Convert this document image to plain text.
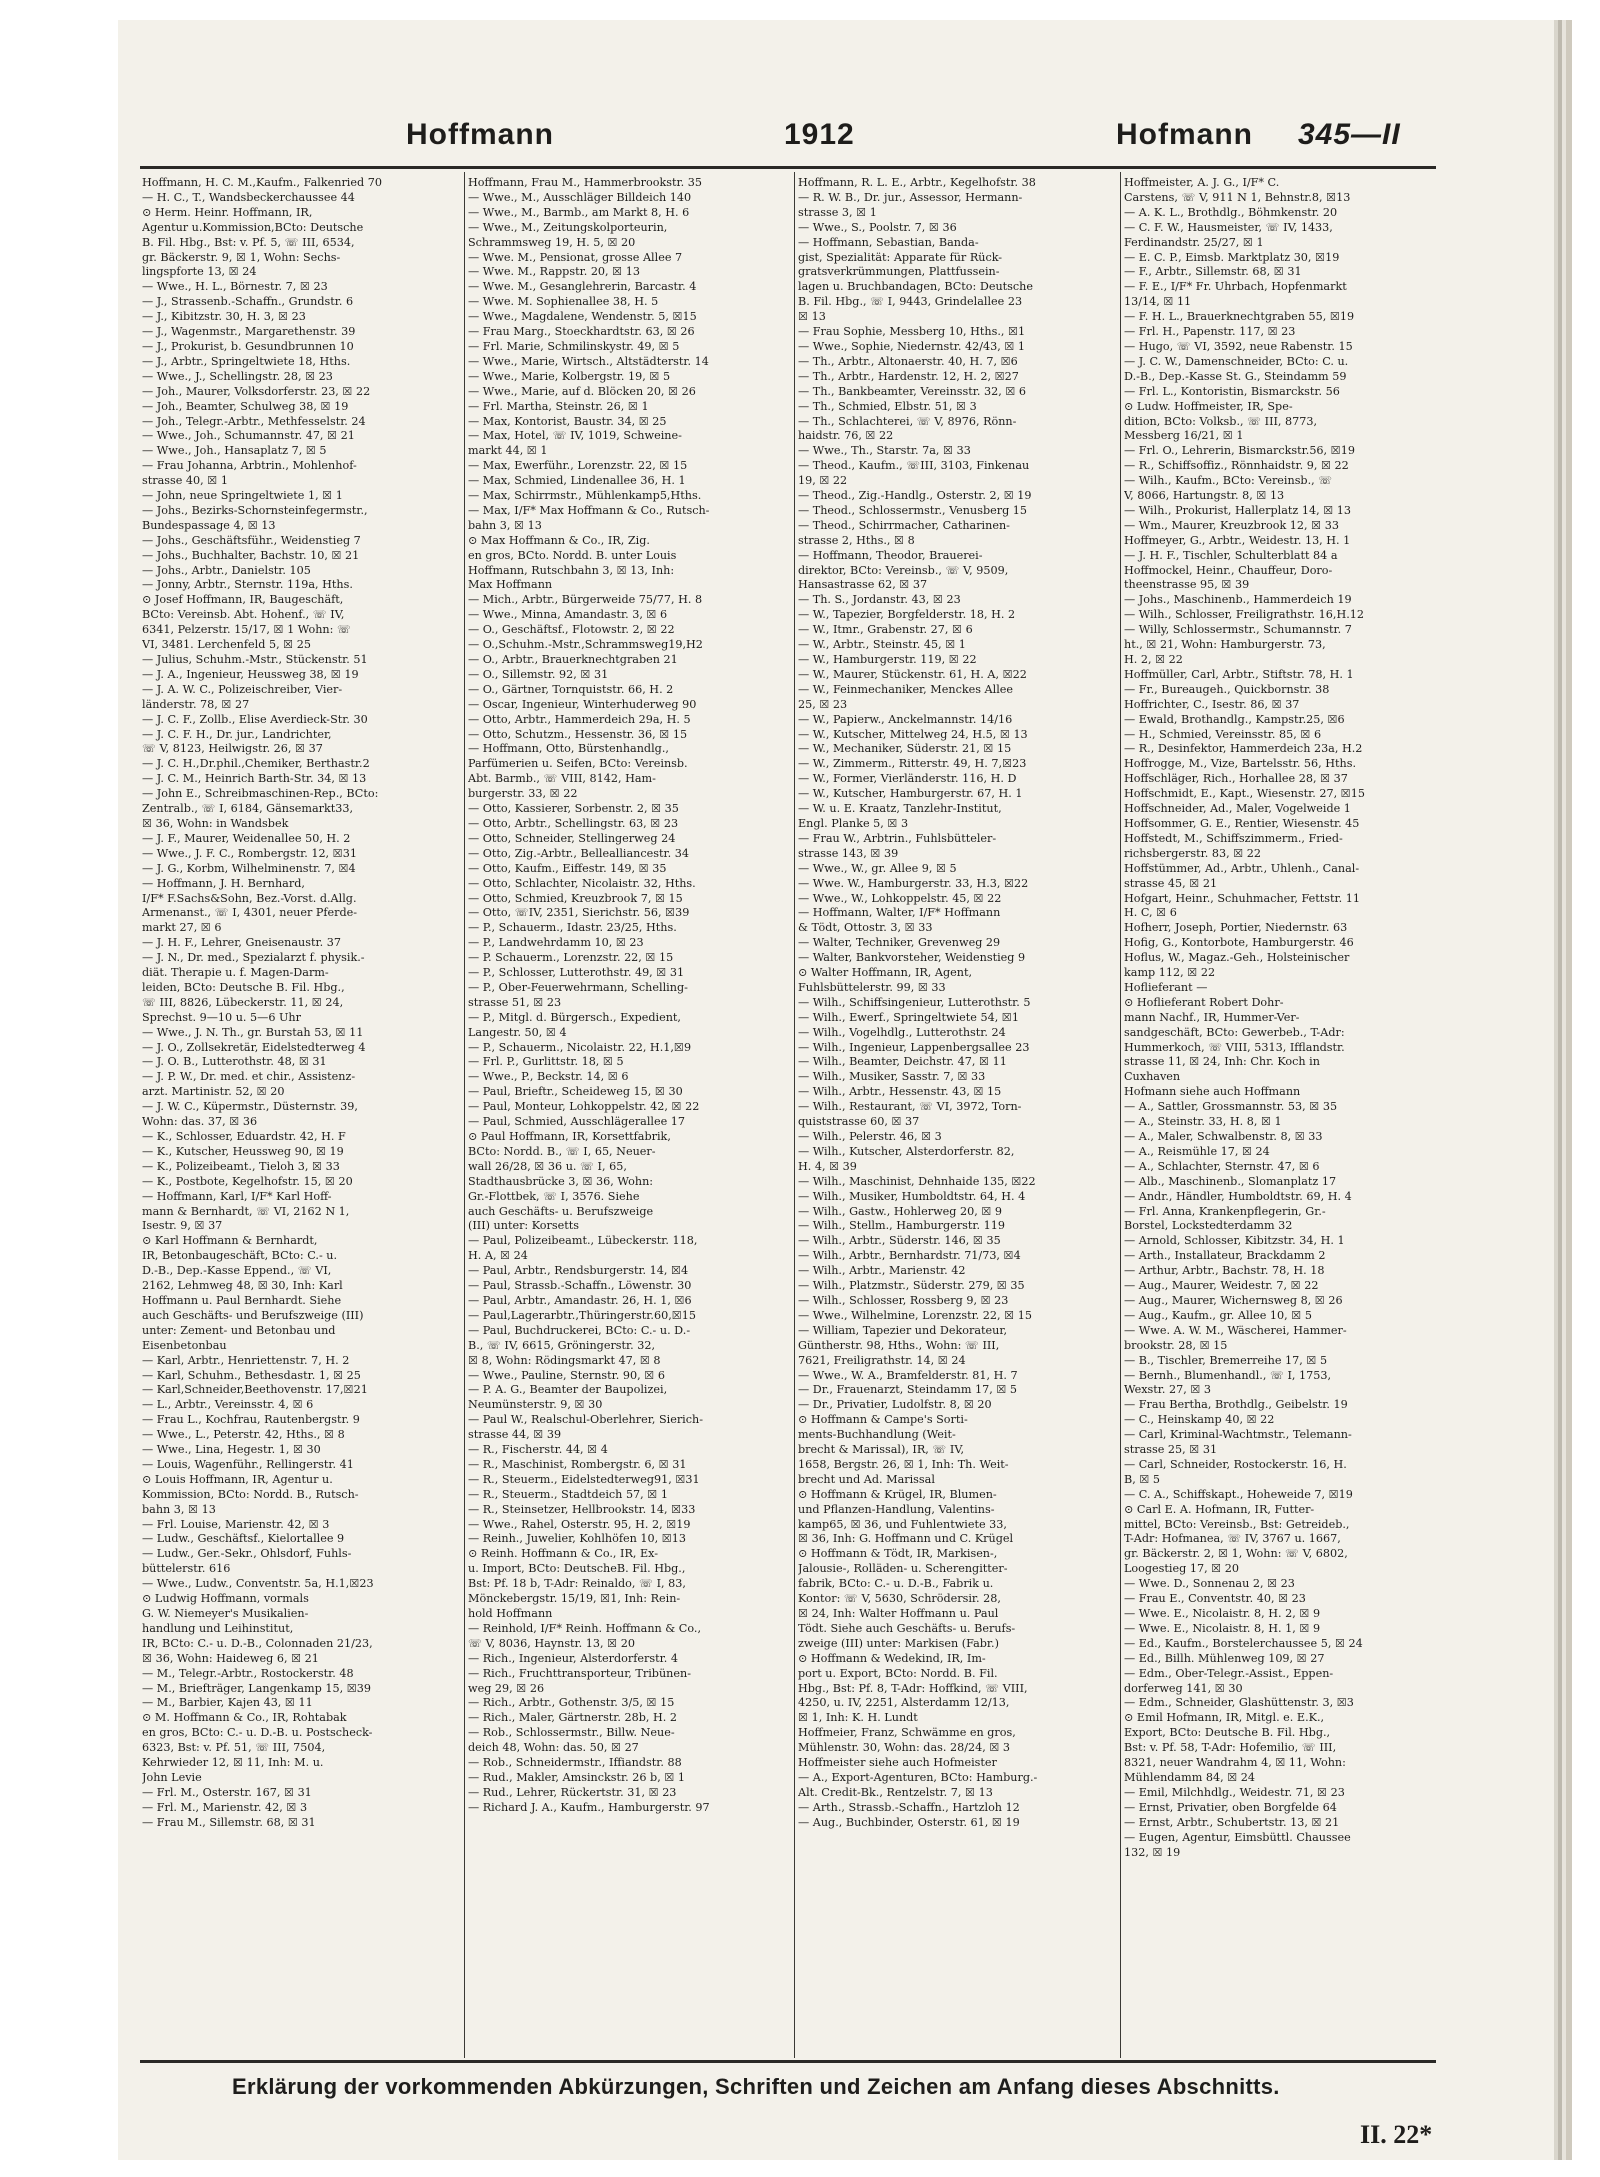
Hoffmann	1912	Hofmann 345—II

Hoffmann, H. C. M.,Kaufm., Falkenried 70

— H. C., T., Wandsbeckerchaussee 44

⊙ Herm. Heinr. Hoffmann, IR,

Agentur u.Kommission,BCto: Deutsche

B. Fil. Hbg., Bst: v. Pf. 5, ☏ III, 6534,

gr. Bäckerstr. 9, ☒ 1, Wohn: Sechs-

lingspforte 13, ☒ 24

— Wwe., H. L., Börnestr. 7, ☒ 23

— J., Strassenb.-Schaffn., Grundstr. 6

— J., Kibitzstr. 30, H. 3, ☒ 23

— J., Wagenmstr., Margarethenstr. 39

— J., Prokurist, b. Gesundbrunnen 10

— J., Arbtr., Springeltwiete 18, Hths.

— Wwe., J., Schellingstr. 28, ☒ 23

— Joh., Maurer, Volksdorferstr. 23, ☒ 22

— Joh., Beamter, Schulweg 38, ☒ 19

— Joh., Telegr.-Arbtr., Methfesselstr. 24

— Wwe., Joh., Schumannstr. 47, ☒ 21

— Wwe., Joh., Hansaplatz 7, ☒ 5

— Frau Johanna, Arbtrin., Mohlenhof-

strasse 40, ☒ 1

— John, neue Springeltwiete 1, ☒ 1

— Johs., Bezirks-Schornsteinfegermstr.,

Bundespassage 4, ☒ 13

— Johs., Geschäftsführ., Weidenstieg 7

— Johs., Buchhalter, Bachstr. 10, ☒ 21

— Johs., Arbtr., Danielstr. 105

— Jonny, Arbtr., Sternstr. 119a, Hths.

⊙ Josef Hoffmann, IR, Baugeschäft,

BCto: Vereinsb. Abt. Hohenf., ☏ IV,

6341, Pelzerstr. 15/17, ☒ 1 Wohn: ☏

VI, 3481. Lerchenfeld 5, ☒ 25

— Julius, Schuhm.-Mstr., Stückenstr. 51

— J. A., Ingenieur, Heussweg 38, ☒ 19

— J. A. W. C., Polizeischreiber, Vier-

länderstr. 78, ☒ 27

— J. C. F., Zollb., Elise Averdieck-Str. 30

— J. C. F. H., Dr. jur., Landrichter,

☏ V, 8123, Heilwigstr. 26, ☒ 37

— J. C. H.,Dr.phil.,Chemiker, Berthastr.2

— J. C. M., Heinrich Barth-Str. 34, ☒ 13

— John E., Schreibmaschinen-Rep., BCto:

Zentralb., ☏ I, 6184, Gänsemarkt33,

☒ 36, Wohn: in Wandsbek

— J. F., Maurer, Weidenallee 50, H. 2

— Wwe., J. F. C., Rombergstr. 12, ☒31

— J. G., Korbm, Wilhelminenstr. 7, ☒4

— Hoffmann, J. H. Bernhard,

I/F* F.Sachs&Sohn, Bez.-Vorst. d.Allg.

Armenanst., ☏ I, 4301, neuer Pferde-

markt 27, ☒ 6

— J. H. F., Lehrer, Gneisenaustr. 37

— J. N., Dr. med., Spezialarzt f. physik.-

diät. Therapie u. f. Magen-Darm-

leiden, BCto: Deutsche B. Fil. Hbg.,

☏ III, 8826, Lübeckerstr. 11, ☒ 24,

Sprechst. 9—10 u. 5—6 Uhr

— Wwe., J. N. Th., gr. Burstah 53, ☒ 11

— J. O., Zollsekretär, Eidelstedterweg 4

— J. O. B., Lutterothstr. 48, ☒ 31

— J. P. W., Dr. med. et chir., Assistenz-

arzt. Martinistr. 52, ☒ 20

— J. W. C., Küpermstr., Düsternstr. 39,

Wohn: das. 37, ☒ 36

— K., Schlosser, Eduardstr. 42, H. F

— K., Kutscher, Heussweg 90, ☒ 19

— K., Polizeibeamt., Tieloh 3, ☒ 33

— K., Postbote, Kegelhofstr. 15, ☒ 20

— Hoffmann, Karl, I/F* Karl Hoff-

mann & Bernhardt, ☏ VI, 2162 N 1,

Isestr. 9, ☒ 37

⊙ Karl Hoffmann & Bernhardt,

IR, Betonbaugeschäft, BCto: C.- u.

D.-B., Dep.-Kasse Eppend., ☏ VI,

2162, Lehmweg 48, ☒ 30, Inh: Karl

Hoffmann u. Paul Bernhardt. Siehe

auch Geschäfts- und Berufszweige (III)

unter: Zement- und Betonbau und

Eisenbetonbau

— Karl, Arbtr., Henriettenstr. 7, H. 2

— Karl, Schuhm., Bethesdastr. 1, ☒ 25

— Karl,Schneider,Beethovenstr. 17,☒21

— L., Arbtr., Vereinsstr. 4, ☒ 6

— Frau L., Kochfrau, Rautenbergstr. 9

— Wwe., L., Peterstr. 42, Hths., ☒ 8

— Wwe., Lina, Hegestr. 1, ☒ 30

— Louis, Wagenführ., Rellingerstr. 41

⊙ Louis Hoffmann, IR, Agentur u.

Kommission, BCto: Nordd. B., Rutsch-

bahn 3, ☒ 13

— Frl. Louise, Marienstr. 42, ☒ 3

— Ludw., Geschäftsf., Kielortallee 9

— Ludw., Ger.-Sekr., Ohlsdorf, Fuhls-

büttelerstr. 616

— Wwe., Ludw., Conventstr. 5a, H.1,☒23

⊙ Ludwig Hoffmann, vormals

G. W. Niemeyer's Musikalien-

handlung und Leihinstitut,

IR, BCto: C.- u. D.-B., Colonnaden 21/23,

☒ 36, Wohn: Haideweg 6, ☒ 21

— M., Telegr.-Arbtr., Rostockerstr. 48

— M., Briefträger, Langenkamp 15, ☒39

— M., Barbier, Kajen 43, ☒ 11

⊙ M. Hoffmann & Co., IR, Rohtabak

en gros, BCto: C.- u. D.-B. u. Postscheck-

6323, Bst: v. Pf. 51, ☏ III, 7504,

Kehrwieder 12, ☒ 11, Inh: M. u.

John Levie

— Frl. M., Osterstr. 167, ☒ 31

— Frl. M., Marienstr. 42, ☒ 3

— Frau M., Sillemstr. 68, ☒ 31

Hoffmann, Frau M., Hammerbrookstr. 35

— Wwe., M., Ausschläger Billdeich 140

— Wwe., M., Barmb., am Markt 8, H. 6

— Wwe., M., Zeitungskolporteurin,

Schrammsweg 19, H. 5, ☒ 20

— Wwe. M., Pensionat, grosse Allee 7

— Wwe. M., Rappstr. 20, ☒ 13

— Wwe. M., Gesanglehrerin, Barcastr. 4

— Wwe. M. Sophienallee 38, H. 5

— Wwe., Magdalene, Wendenstr. 5, ☒15

— Frau Marg., Stoeckhardtstr. 63, ☒ 26

— Frl. Marie, Schmilinskystr. 49, ☒ 5

— Wwe., Marie, Wirtsch., Altstädterstr. 14

— Wwe., Marie, Kolbergstr. 19, ☒ 5

— Wwe., Marie, auf d. Blöcken 20, ☒ 26

— Frl. Martha, Steinstr. 26, ☒ 1

— Max, Kontorist, Baustr. 34, ☒ 25

— Max, Hotel, ☏ IV, 1019, Schweine-

markt 44, ☒ 1

— Max, Ewerführ., Lorenzstr. 22, ☒ 15

— Max, Schmied, Lindenallee 36, H. 1

— Max, Schirrmstr., Mühlenkamp5,Hths.

— Max, I/F* Max Hoffmann & Co., Rutsch-

bahn 3, ☒ 13

⊙ Max Hoffmann & Co., IR, Zig.

en gros, BCto. Nordd. B. unter Louis

Hoffmann, Rutschbahn 3, ☒ 13, Inh:

Max Hoffmann

— Mich., Arbtr., Bürgerweide 75/77, H. 8

— Wwe., Minna, Amandastr. 3, ☒ 6

— O., Geschäftsf., Flotowstr. 2, ☒ 22

— O.,Schuhm.-Mstr.,Schrammsweg19,H2

— O., Arbtr., Brauerknechtgraben 21

— O., Sillemstr. 92, ☒ 31

— O., Gärtner, Tornquiststr. 66, H. 2

— Oscar, Ingenieur, Winterhuderweg 90

— Otto, Arbtr., Hammerdeich 29a, H. 5

— Otto, Schutzm., Hessenstr. 36, ☒ 15

— Hoffmann, Otto, Bürstenhandlg.,

Parfümerien u. Seifen, BCto: Vereinsb.

Abt. Barmb., ☏ VIII, 8142, Ham-

burgerstr. 33, ☒ 22

— Otto, Kassierer, Sorbenstr. 2, ☒ 35

— Otto, Arbtr., Schellingstr. 63, ☒ 23

— Otto, Schneider, Stellingerweg 24

— Otto, Zig.-Arbtr., Bellealliancestr. 34

— Otto, Kaufm., Eiffestr. 149, ☒ 35

— Otto, Schlachter, Nicolaistr. 32, Hths.

— Otto, Schmied, Kreuzbrook 7, ☒ 15

— Otto, ☏IV, 2351, Sierichstr. 56, ☒39

— P., Schauerm., Idastr. 23/25, Hths.

— P., Landwehrdamm 10, ☒ 23

— P. Schauerm., Lorenzstr. 22, ☒ 15

— P., Schlosser, Lutterothstr. 49, ☒ 31

— P., Ober-Feuerwehrmann, Schelling-

strasse 51, ☒ 23

— P., Mitgl. d. Bürgersch., Expedient,

Langestr. 50, ☒ 4

— P., Schauerm., Nicolaistr. 22, H.1,☒9

— Frl. P., Gurlittstr. 18, ☒ 5

— Wwe., P., Beckstr. 14, ☒ 6

— Paul, Brieftr., Scheideweg 15, ☒ 30

— Paul, Monteur, Lohkoppelstr. 42, ☒ 22

— Paul, Schmied, Ausschlägerallee 17

⊙ Paul Hoffmann, IR, Korsettfabrik,

BCto: Nordd. B., ☏ I, 65, Neuer-

wall 26/28, ☒ 36 u. ☏ I, 65,

Stadthausbrücke 3, ☒ 36, Wohn:

Gr.-Flottbek, ☏ I, 3576. Siehe

auch Geschäfts- u. Berufszweige

(III) unter: Korsetts

— Paul, Polizeibeamt., Lübeckerstr. 118,

H. A, ☒ 24

— Paul, Arbtr., Rendsburgerstr. 14, ☒4

— Paul, Strassb.-Schaffn., Löwenstr. 30

— Paul, Arbtr., Amandastr. 26, H. 1, ☒6

— Paul,Lagerarbtr.,Thüringerstr.60,☒15

— Paul, Buchdruckerei, BCto: C.- u. D.-

B., ☏ IV, 6615, Gröningerstr. 32,

☒ 8, Wohn: Rödingsmarkt 47, ☒ 8

— Wwe., Pauline, Sternstr. 90, ☒ 6

— P. A. G., Beamter der Baupolizei,

Neumünsterstr. 9, ☒ 30

— Paul W., Realschul-Oberlehrer, Sierich-

strasse 44, ☒ 39

— R., Fischerstr. 44, ☒ 4

— R., Maschinist, Rombergstr. 6, ☒ 31

— R., Steuerm., Eidelstedterweg91, ☒31

— R., Steuerm., Stadtdeich 57, ☒ 1

— R., Steinsetzer, Hellbrookstr. 14, ☒33

— Wwe., Rahel, Osterstr. 95, H. 2, ☒19

— Reinh., Juwelier, Kohlhöfen 10, ☒13

⊙ Reinh. Hoffmann & Co., IR, Ex-

u. Import, BCto: DeutscheB. Fil. Hbg.,

Bst: Pf. 18 b, T-Adr: Reinaldo, ☏ I, 83,

Mönckebergstr. 15/19, ☒1, Inh: Rein-

hold Hoffmann

— Reinhold, I/F* Reinh. Hoffmann & Co.,

☏ V, 8036, Haynstr. 13, ☒ 20

— Rich., Ingenieur, Alsterdorferstr. 4

— Rich., Fruchttransporteur, Tribünen-

weg 29, ☒ 26

— Rich., Arbtr., Gothenstr. 3/5, ☒ 15

— Rich., Maler, Gärtnerstr. 28b, H. 2

— Rob., Schlossermstr., Billw. Neue-

deich 48, Wohn: das. 50, ☒ 27

— Rob., Schneidermstr., Iffiandstr. 88

— Rud., Makler, Amsinckstr. 26 b, ☒ 1

— Rud., Lehrer, Rückertstr. 31, ☒ 23

— Richard J. A., Kaufm., Hamburgerstr. 97

Hoffmann, R. L. E., Arbtr., Kegelhofstr. 38

— R. W. B., Dr. jur., Assessor, Hermann-

strasse 3, ☒ 1

— Wwe., S., Poolstr. 7, ☒ 36

— Hoffmann, Sebastian, Banda-

gist, Spezialität: Apparate für Rück-

gratsverkrümmungen, Plattfussein-

lagen u. Bruchbandagen, BCto: Deutsche

B. Fil. Hbg., ☏ I, 9443, Grindelallee 23

☒ 13

— Frau Sophie, Messberg 10, Hths., ☒1

— Wwe., Sophie, Niedernstr. 42/43, ☒ 1

— Th., Arbtr., Altonaerstr. 40, H. 7, ☒6

— Th., Arbtr., Hardenstr. 12, H. 2, ☒27

— Th., Bankbeamter, Vereinsstr. 32, ☒ 6

— Th., Schmied, Elbstr. 51, ☒ 3

— Th., Schlachterei, ☏ V, 8976, Rönn-

haidstr. 76, ☒ 22

— Wwe., Th., Starstr. 7a, ☒ 33

— Theod., Kaufm., ☏III, 3103, Finkenau

19, ☒ 22

— Theod., Zig.-Handlg., Osterstr. 2, ☒ 19

— Theod., Schlossermstr., Venusberg 15

— Theod., Schirrmacher, Catharinen-

strasse 2, Hths., ☒ 8

— Hoffmann, Theodor, Brauerei-

direktor, BCto: Vereinsb., ☏ V, 9509,

Hansastrasse 62, ☒ 37

— Th. S., Jordanstr. 43, ☒ 23

— W., Tapezier, Borgfelderstr. 18, H. 2

— W., Itmr., Grabenstr. 27, ☒ 6

— W., Arbtr., Steinstr. 45, ☒ 1

— W., Hamburgerstr. 119, ☒ 22

— W., Maurer, Stückenstr. 61, H. A, ☒22

— W., Feinmechaniker, Menckes Allee

25, ☒ 23

— W., Papierw., Anckelmannstr. 14/16

— W., Kutscher, Mittelweg 24, H.5, ☒ 13

— W., Mechaniker, Süderstr. 21, ☒ 15

— W., Zimmerm., Ritterstr. 49, H. 7,☒23

— W., Former, Vierländerstr. 116, H. D

— W., Kutscher, Hamburgerstr. 67, H. 1

— W. u. E. Kraatz, Tanzlehr-Institut,

Engl. Planke 5, ☒ 3

— Frau W., Arbtrin., Fuhlsbütteler-

strasse 143, ☒ 39

— Wwe., W., gr. Allee 9, ☒ 5

— Wwe. W., Hamburgerstr. 33, H.3, ☒22

— Wwe., W., Lohkoppelstr. 45, ☒ 22

— Hoffmann, Walter, I/F* Hoffmann

& Tödt, Ottostr. 3, ☒ 33

— Walter, Techniker, Grevenweg 29

— Walter, Bankvorsteher, Weidenstieg 9

⊙ Walter Hoffmann, IR, Agent,

Fuhlsbüttelerstr. 99, ☒ 33

— Wilh., Schiffsingenieur, Lutterothstr. 5

— Wilh., Ewerf., Springeltwiete 54, ☒1

— Wilh., Vogelhdlg., Lutterothstr. 24

— Wilh., Ingenieur, Lappenbergsallee 23

— Wilh., Beamter, Deichstr. 47, ☒ 11

— Wilh., Musiker, Sasstr. 7, ☒ 33

— Wilh., Arbtr., Hessenstr. 43, ☒ 15

— Wilh., Restaurant, ☏ VI, 3972, Torn-

quiststrasse 60, ☒ 37

— Wilh., Pelerstr. 46, ☒ 3

— Wilh., Kutscher, Alsterdorferstr. 82,

H. 4, ☒ 39

— Wilh., Maschinist, Dehnhaide 135, ☒22

— Wilh., Musiker, Humboldtstr. 64, H. 4

— Wilh., Gastw., Hohlerweg 20, ☒ 9

— Wilh., Stellm., Hamburgerstr. 119

— Wilh., Arbtr., Süderstr. 146, ☒ 35

— Wilh., Arbtr., Bernhardstr. 71/73, ☒4

— Wilh., Arbtr., Marienstr. 42

— Wilh., Platzmstr., Süderstr. 279, ☒ 35

— Wilh., Schlosser, Rossberg 9, ☒ 23

— Wwe., Wilhelmine, Lorenzstr. 22, ☒ 15

— William, Tapezier und Dekorateur,

Güntherstr. 98, Hths., Wohn: ☏ III,

7621, Freiligrathstr. 14, ☒ 24

— Wwe., W. A., Bramfelderstr. 81, H. 7

— Dr., Frauenarzt, Steindamm 17, ☒ 5

— Dr., Privatier, Ludolfstr. 8, ☒ 20

⊙ Hoffmann & Campe's Sorti-

ments-Buchhandlung (Weit-

brecht & Marissal), IR, ☏ IV,

1658, Bergstr. 26, ☒ 1, Inh: Th. Weit-

brecht und Ad. Marissal

⊙ Hoffmann & Krügel, IR, Blumen-

und Pflanzen-Handlung, Valentins-

kamp65, ☒ 36, und Fuhlentwiete 33,

☒ 36, Inh: G. Hoffmann und C. Krügel

⊙ Hoffmann & Tödt, IR, Markisen-,

Jalousie-, Rolläden- u. Scherengitter-

fabrik, BCto: C.- u. D.-B., Fabrik u.

Kontor: ☏ V, 5630, Schrödersir. 28,

☒ 24, Inh: Walter Hoffmann u. Paul

Tödt. Siehe auch Geschäfts- u. Berufs-

zweige (III) unter: Markisen (Fabr.)

⊙ Hoffmann & Wedekind, IR, Im-

port u. Export, BCto: Nordd. B. Fil.

Hbg., Bst: Pf. 8, T-Adr: Hoffkind, ☏ VIII,

4250, u. IV, 2251, Alsterdamm 12/13,

☒ 1, Inh: K. H. Lundt

Hoffmeier, Franz, Schwämme en gros,

Mühlenstr. 30, Wohn: das. 28/24, ☒ 3

Hoffmeister siehe auch Hofmeister

— A., Export-Agenturen, BCto: Hamburg.-

Alt. Credit-Bk., Rentzelstr. 7, ☒ 13

— Arth., Strassb.-Schaffn., Hartzloh 12

— Aug., Buchbinder, Osterstr. 61, ☒ 19

Hoffmeister, A. J. G., I/F* C.

Carstens, ☏ V, 911 N 1, Behnstr.8, ☒13

— A. K. L., Brothdlg., Böhmkenstr. 20

— C. F. W., Hausmeister, ☏ IV, 1433,

Ferdinandstr. 25/27, ☒ 1

— E. C. P., Eimsb. Marktplatz 30, ☒19

— F., Arbtr., Sillemstr. 68, ☒ 31

— F. E., I/F* Fr. Uhrbach, Hopfenmarkt

13/14, ☒ 11

— F. H. L., Brauerknechtgraben 55, ☒19

— Frl. H., Papenstr. 117, ☒ 23

— Hugo, ☏ VI, 3592, neue Rabenstr. 15

— J. C. W., Damenschneider, BCto: C. u.

D.-B., Dep.-Kasse St. G., Steindamm 59

— Frl. L., Kontoristin, Bismarckstr. 56

⊙ Ludw. Hoffmeister, IR, Spe-

dition, BCto: Volksb., ☏ III, 8773,

Messberg 16/21, ☒ 1

— Frl. O., Lehrerin, Bismarckstr.56, ☒19

— R., Schiffsoffiz., Rönnhaidstr. 9, ☒ 22

— Wilh., Kaufm., BCto: Vereinsb., ☏

V, 8066, Hartungstr. 8, ☒ 13

— Wilh., Prokurist, Hallerplatz 14, ☒ 13

— Wm., Maurer, Kreuzbrook 12, ☒ 33

Hoffmeyer, G., Arbtr., Weidestr. 13, H. 1

— J. H. F., Tischler, Schulterblatt 84 a

Hoffmockel, Heinr., Chauffeur, Doro-

theenstrasse 95, ☒ 39

— Johs., Maschinenb., Hammerdeich 19

— Wilh., Schlosser, Freiligrathstr. 16,H.12

— Willy, Schlossermstr., Schumannstr. 7

ht., ☒ 21, Wohn: Hamburgerstr. 73,

H. 2, ☒ 22

Hoffmüller, Carl, Arbtr., Stiftstr. 78, H. 1

— Fr., Bureaugeh., Quickbornstr. 38

Hoffrichter, C., Isestr. 86, ☒ 37

— Ewald, Brothandlg., Kampstr.25, ☒6

— H., Schmied, Vereinsstr. 85, ☒ 6

— R., Desinfektor, Hammerdeich 23a, H.2

Hoffrogge, M., Vize, Bartelsstr. 56, Hths.

Hoffschläger, Rich., Horhallee 28, ☒ 37

Hoffschmidt, E., Kapt., Wiesenstr. 27, ☒15

Hoffschneider, Ad., Maler, Vogelweide 1

Hoffsommer, G. E., Rentier, Wiesenstr. 45

Hoffstedt, M., Schiffszimmerm., Fried-

richsbergerstr. 83, ☒ 22

Hoffstümmer, Ad., Arbtr., Uhlenh., Canal-

strasse 45, ☒ 21

Hofgart, Heinr., Schuhmacher, Fettstr. 11

H. C, ☒ 6

Hofherr, Joseph, Portier, Niedernstr. 63

Hofig, G., Kontorbote, Hamburgerstr. 46

Hoflus, W., Magaz.-Geh., Holsteinischer

kamp 112, ☒ 22

Hoflieferant —

⊙ Hoflieferant Robert Dohr-

mann Nachf., IR, Hummer-Ver-

sandgeschäft, BCto: Gewerbeb., T-Adr:

Hummerkoch, ☏ VIII, 5313, Ifflandstr.

strasse 11, ☒ 24, Inh: Chr. Koch in

Cuxhaven

Hofmann siehe auch Hoffmann

— A., Sattler, Grossmannstr. 53, ☒ 35

— A., Steinstr. 33, H. 8, ☒ 1

— A., Maler, Schwalbenstr. 8, ☒ 33

— A., Reismühle 17, ☒ 24

— A., Schlachter, Sternstr. 47, ☒ 6

— Alb., Maschinenb., Slomanplatz 17

— Andr., Händler, Humboldtstr. 69, H. 4

— Frl. Anna, Krankenpflegerin, Gr.-

Borstel, Lockstedterdamm 32

— Arnold, Schlosser, Kibitzstr. 34, H. 1

— Arth., Installateur, Brackdamm 2

— Arthur, Arbtr., Bachstr. 78, H. 18

— Aug., Maurer, Weidestr. 7, ☒ 22

— Aug., Maurer, Wichernsweg 8, ☒ 26

— Aug., Kaufm., gr. Allee 10, ☒ 5

— Wwe. A. W. M., Wäscherei, Hammer-

brookstr. 28, ☒ 15

— B., Tischler, Bremerreihe 17, ☒ 5

— Bernh., Blumenhandl., ☏ I, 1753,

Wexstr. 27, ☒ 3

— Frau Bertha, Brothdlg., Geibelstr. 19

— C., Heinskamp 40, ☒ 22

— Carl, Kriminal-Wachtmstr., Telemann-

strasse 25, ☒ 31

— Carl, Schneider, Rostockerstr. 16, H.

B, ☒ 5

— C. A., Schiffskapt., Hoheweide 7, ☒19

⊙ Carl E. A. Hofmann, IR, Futter-

mittel, BCto: Vereinsb., Bst: Getreideb.,

T-Adr: Hofmanea, ☏ IV, 3767 u. 1667,

gr. Bäckerstr. 2, ☒ 1, Wohn: ☏ V, 6802,

Loogestieg 17, ☒ 20

— Wwe. D., Sonnenau 2, ☒ 23

— Frau E., Conventstr. 40, ☒ 23

— Wwe. E., Nicolaistr. 8, H. 2, ☒ 9

— Wwe. E., Nicolaistr. 8, H. 1, ☒ 9

— Ed., Kaufm., Borstelerchaussee 5, ☒ 24

— Ed., Billh. Mühlenweg 109, ☒ 27

— Edm., Ober-Telegr.-Assist., Eppen-

dorferweg 141, ☒ 30

— Edm., Schneider, Glashüttenstr. 3, ☒3

⊙ Emil Hofmann, IR, Mitgl. e. E.K.,

Export, BCto: Deutsche B. Fil. Hbg.,

Bst: v. Pf. 58, T-Adr: Hofemilio, ☏ III,

8321, neuer Wandrahm 4, ☒ 11, Wohn:

Mühlendamm 84, ☒ 24

— Emil, Milchhdlg., Weidestr. 71, ☒ 23

— Ernst, Privatier, oben Borgfelde 64

— Ernst, Arbtr., Schubertstr. 13, ☒ 21

— Eugen, Agentur, Eimsbüttl. Chaussee

132, ☒ 19

Erklärung der vorkommenden Abkürzungen, Schriften und Zeichen am Anfang dieses Abschnitts.
II. 22*
